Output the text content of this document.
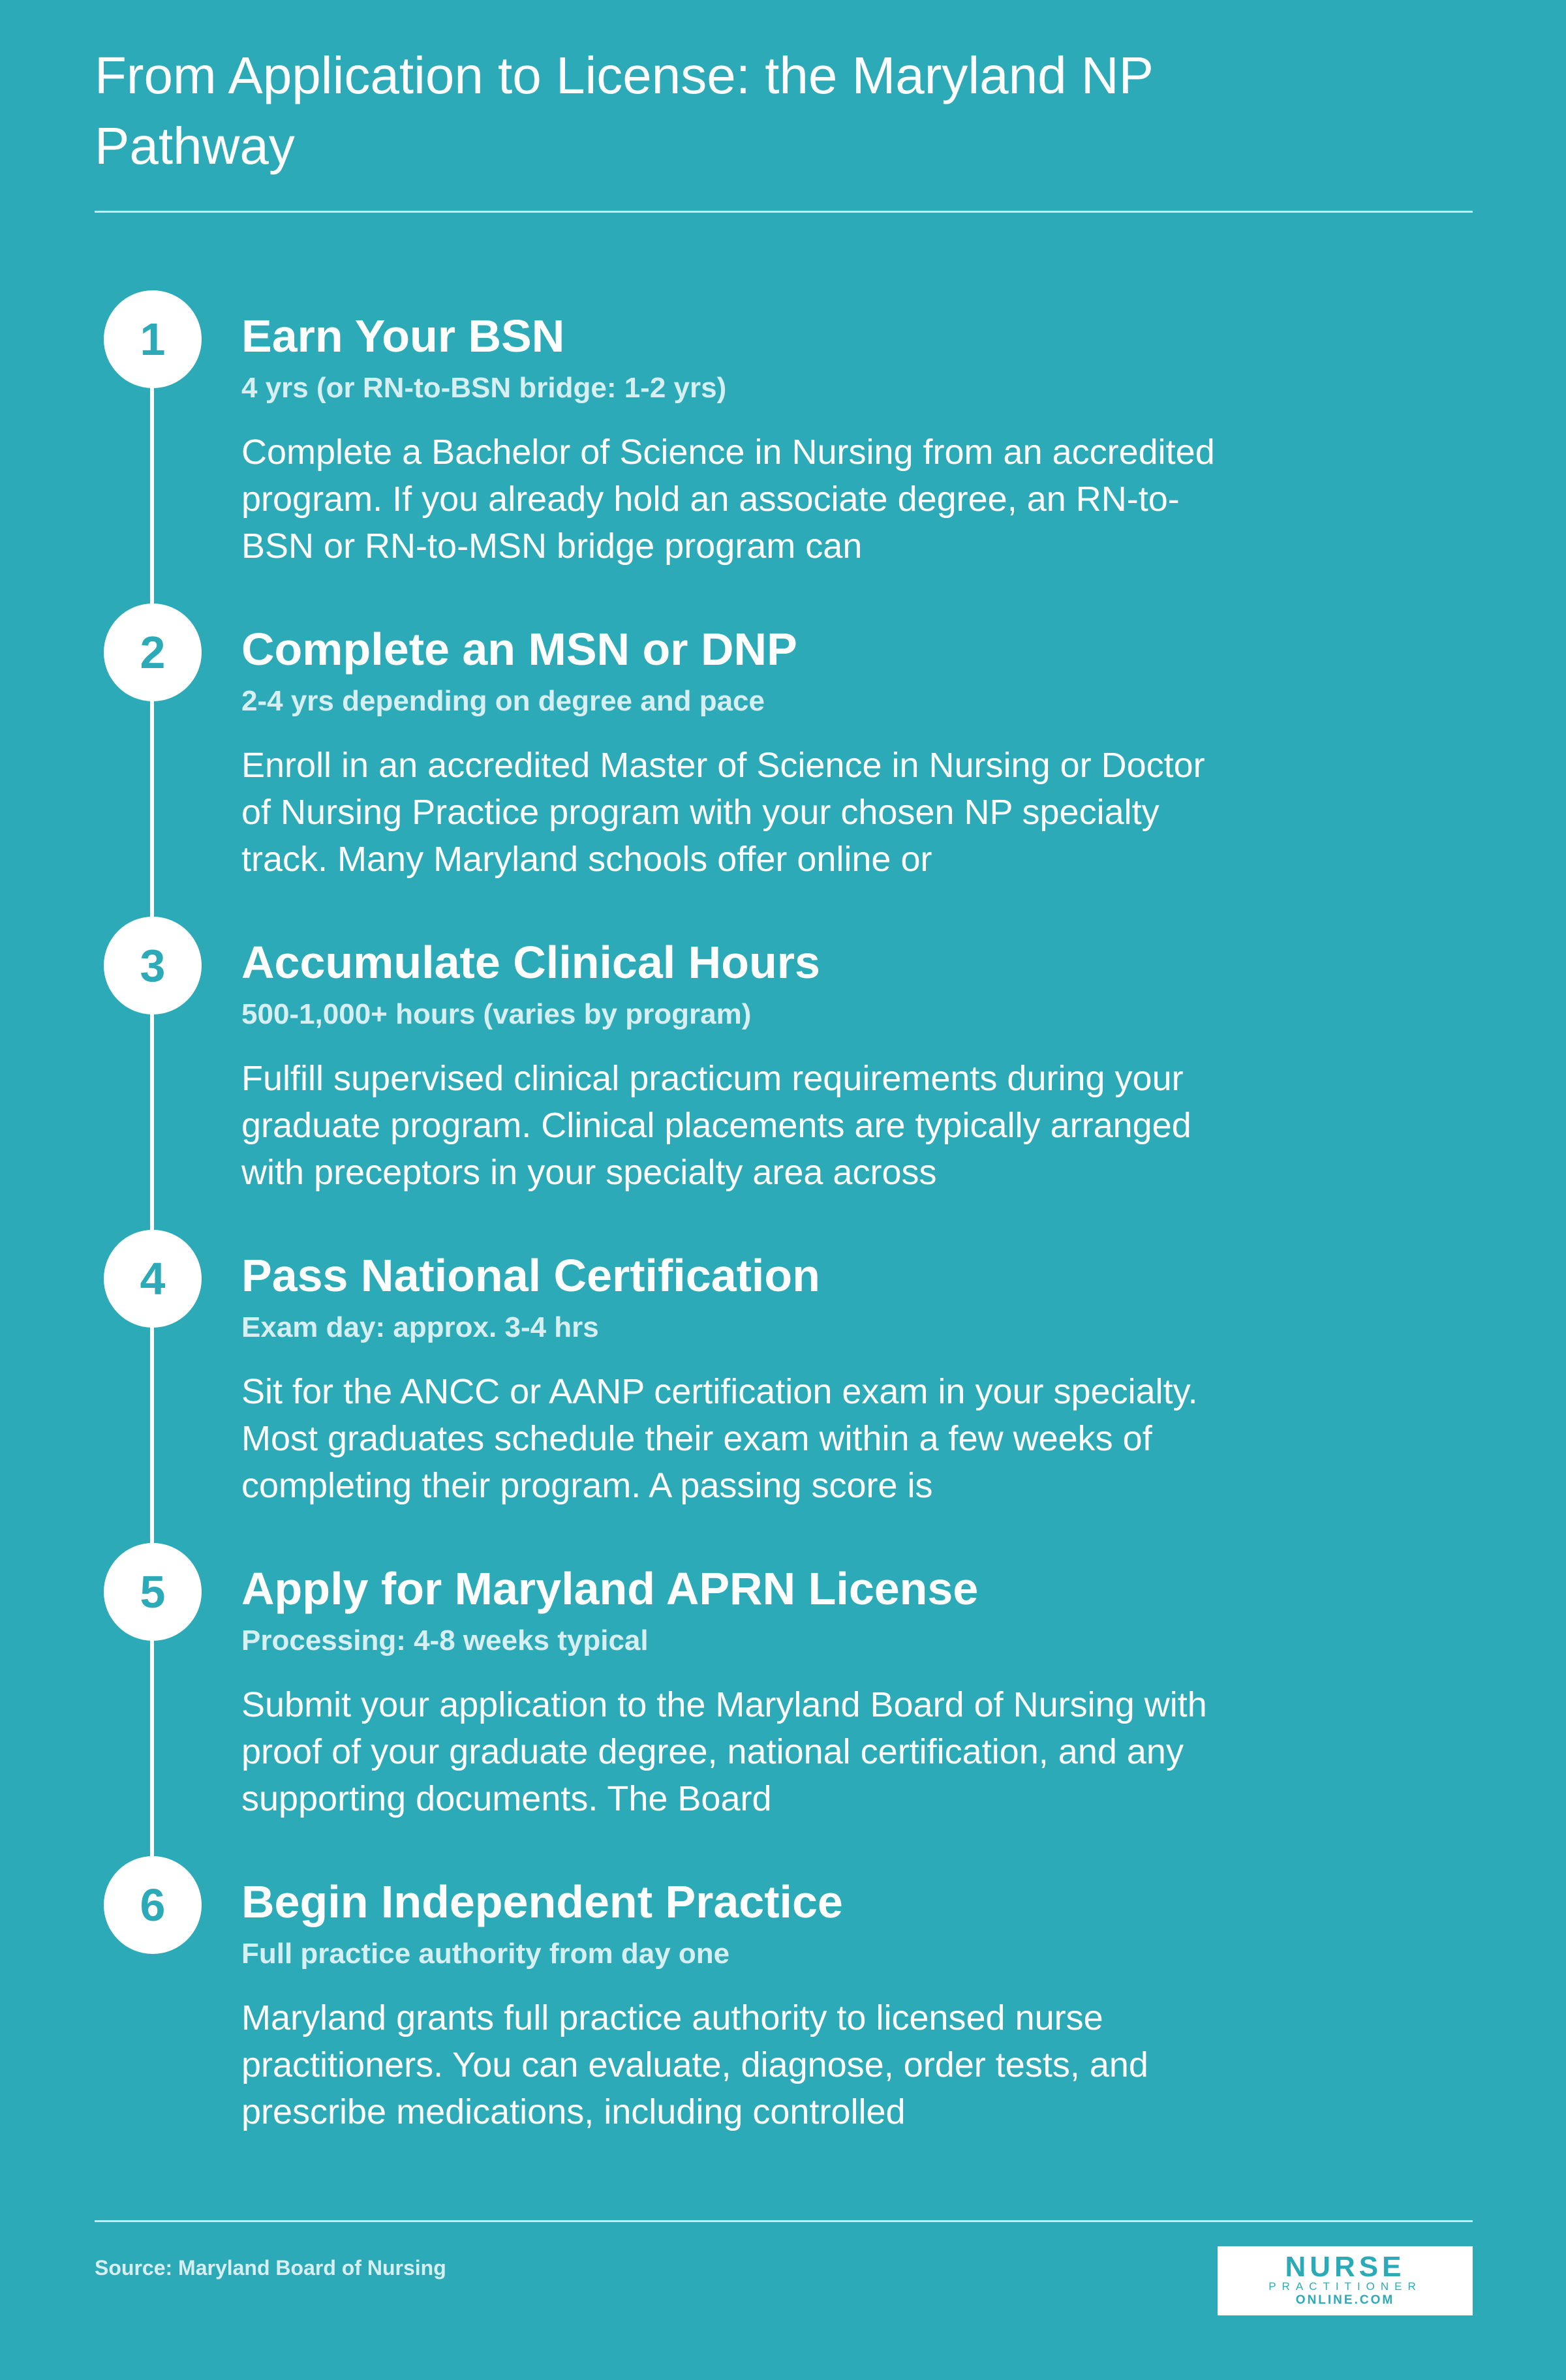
From Application to License: the Maryland NP Pathway
1	Earn Your BSN
4 yrs (or RN-to-BSN bridge: 1-2 yrs)
Complete a Bachelor of Science in Nursing from an accredited program. If you already hold an associate degree, an RN-to-BSN or RN-to-MSN bridge program can
2	Complete an MSN or DNP
2-4 yrs depending on degree and pace
Enroll in an accredited Master of Science in Nursing or Doctor of Nursing Practice program with your chosen NP specialty track. Many Maryland schools offer online or
3	Accumulate Clinical Hours
500-1,000+ hours (varies by program)
Fulfill supervised clinical practicum requirements during your graduate program. Clinical placements are typically arranged with preceptors in your specialty area across
4	Pass National Certification
Exam day: approx. 3-4 hrs
Sit for the ANCC or AANP certification exam in your specialty. Most graduates schedule their exam within a few weeks of completing their program. A passing score is
5	Apply for Maryland APRN License
Processing: 4-8 weeks typical
Submit your application to the Maryland Board of Nursing with proof of your graduate degree, national certification, and any supporting documents. The Board
6	Begin Independent Practice
Full practice authority from day one
Maryland grants full practice authority to licensed nurse practitioners. You can evaluate, diagnose, order tests, and prescribe medications, including controlled
Source: Maryland Board of Nursing	NURSE
PRACTITIONER
ONLINE.COM
